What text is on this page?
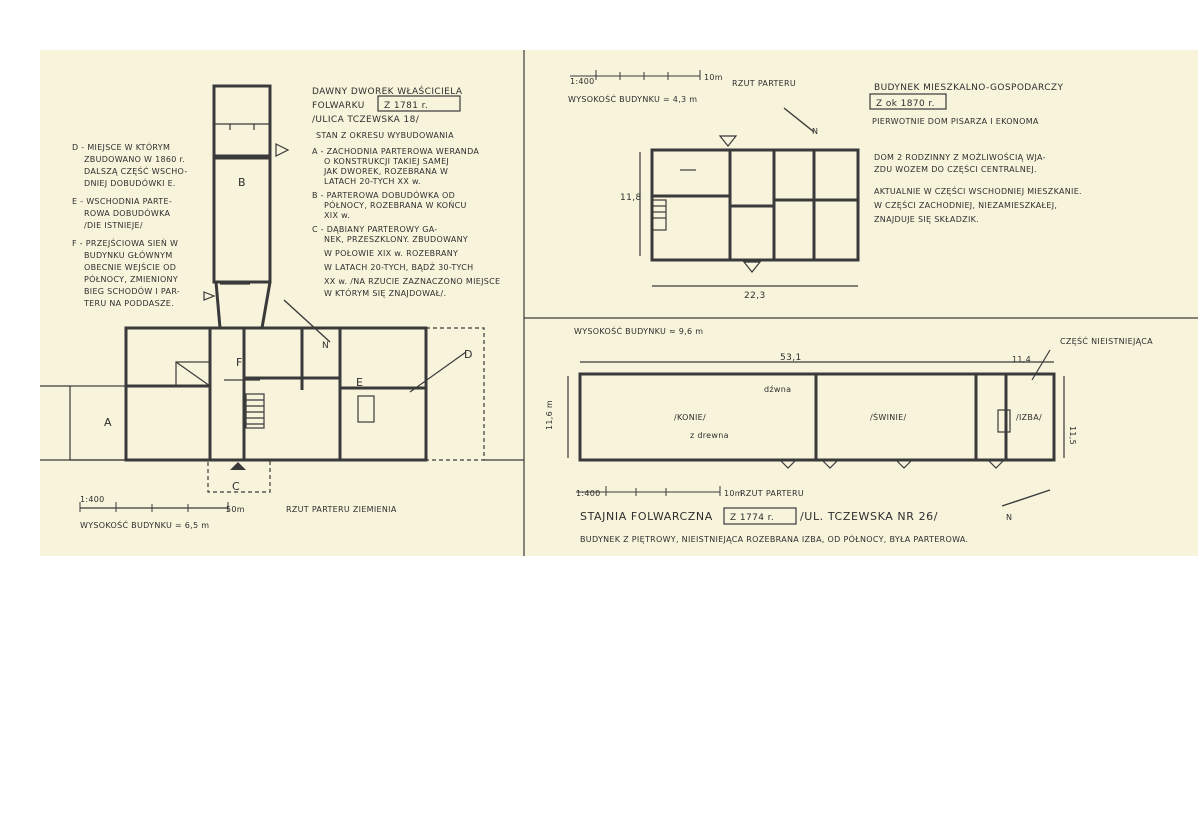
A
B
C
D
E
F
N
DAWNY DWOREK WŁAŚCICIELA
FOLWARKU Z 1781 r.
/ULICA TCZEWSKA 18/
STAN Z OKRESU WYBUDOWANIA
A - ZACHODNIA PARTEROWA WERANDA
O KONSTRUKCJI TAKIEJ SAMEJ
JAK DWOREK, ROZEBRANA W
LATACH 20-TYCH XX w.
B - PARTEROWA DOBUDÓWKA OD
PÓŁNOCY, ROZEBRANA W KOŃCU
XIX w.
C - DĄBIANY PARTEROWY GA-
NEK, PRZESZKLONY. ZBUDOWANY
W POŁOWIE XIX w. ROZEBRANY
W LATACH 20-TYCH, BĄDŹ 30-TYCH
XX w. /NA RZUCIE ZAZNACZONO MIEJSCE
W KTÓRYM SIĘ ZNAJDOWAŁ/.
D - MIEJSCE W KTÓRYM
ZBUDOWANO W 1860 r.
DALSZĄ CZĘŚĆ WSCHO-
DNIEJ DOBUDÓWKI E.
E - WSCHODNIA PARTE-
ROWA DOBUDÓWKA
/DIE ISTNIEJE/
F - PRZEJŚCIOWA SIEŃ W
BUDYNKU GŁÓWNYM
OBECNIE WEJŚCIE OD
PÓŁNOCY, ZMIENIONY
BIEG SCHODÓW I PAR-
TERU NA PODDASZE.
1:400
50m	RZUT PARTERU ZIEMIENIA
WYSOKOŚĆ BUDYNKU = 6,5 m
1:400	10m
RZUT PARTERU
WYSOKOŚĆ BUDYNKU = 4,3 m
BUDYNEK MIESZKALNO-GOSPODARCZY
Z ok 1870 r.
PIERWOTNIE DOM PISARZA I EKONOMA
DOM 2 RODZINNY Z MOŻLIWOŚCIĄ WJA-
ZDU WOZEM DO CZĘŚCI CENTRALNEJ.
AKTUALNIE W CZĘŚCI WSCHODNIEJ MIESZKANIE.
W CZĘŚCI ZACHODNIEJ, NIEZAMIESZKAŁEJ,
ZNAJDUJE SIĘ SKŁADZIK.
11,8
22,3
N
WYSOKOŚĆ BUDYNKU ≈ 9,6 m
53,1
11,6 m
11,5
11,4
CZĘŚĆ NIEISTNIEJĄCA
/KONIE/	/ŚWINIE/	/IZBA/
dźwna
z drewna
1:400	10m
RZUT PARTERU
STAJNIA FOLWARCZNA Z 1774 r. /UL. TCZEWSKA NR 26/
BUDYNEK Z PIĘTROWY, NIEISTNIEJĄCA ROZEBRANA IZBA, OD PÓŁNOCY, BYŁA PARTEROWA.
N
